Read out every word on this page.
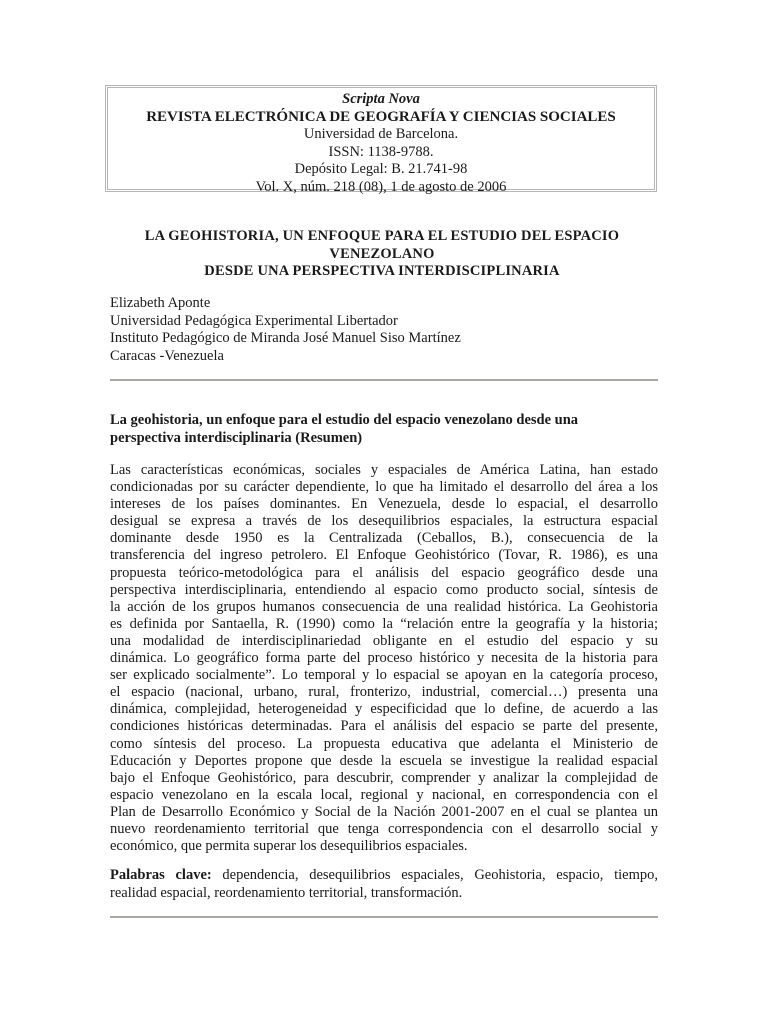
Scripta Nova
REVISTA ELECTRÓNICA DE GEOGRAFÍA Y CIENCIAS SOCIALES
Universidad de Barcelona.
ISSN: 1138-9788.
Depósito Legal: B. 21.741-98
Vol. X, núm. 218 (08), 1 de agosto de 2006
LA GEOHISTORIA, UN ENFOQUE PARA EL ESTUDIO DEL ESPACIO
VENEZOLANO
DESDE UNA PERSPECTIVA INTERDISCIPLINARIA
Elizabeth Aponte
Universidad Pedagógica Experimental Libertador
Instituto Pedagógico de Miranda José Manuel Siso Martínez
Caracas -Venezuela
La geohistoria, un enfoque para el estudio del espacio venezolano desde una
perspectiva interdisciplinaria (Resumen)
Las características económicas, sociales y espaciales de América Latina, han estado
condicionadas por su carácter dependiente, lo que ha limitado el desarrollo del área a los
intereses de los países dominantes. En Venezuela, desde lo espacial, el desarrollo
desigual se expresa a través de los desequilibrios espaciales, la estructura espacial
dominante desde 1950 es la Centralizada (Ceballos, B.), consecuencia de la
transferencia del ingreso petrolero. El Enfoque Geohistórico (Tovar, R. 1986), es una
propuesta teórico-metodológica para el análisis del espacio geográfico desde una
perspectiva interdisciplinaria, entendiendo al espacio como producto social, síntesis de
la acción de los grupos humanos consecuencia de una realidad histórica. La Geohistoria
es definida por Santaella, R. (1990) como la “relación entre la geografía y la historia;
una modalidad de interdisciplinariedad obligante en el estudio del espacio y su
dinámica. Lo geográfico forma parte del proceso histórico y necesita de la historia para
ser explicado socialmente”. Lo temporal y lo espacial se apoyan en la categoría proceso,
el espacio (nacional, urbano, rural, fronterizo, industrial, comercial…) presenta una
dinámica, complejidad, heterogeneidad y especificidad que lo define, de acuerdo a las
condiciones históricas determinadas. Para el análisis del espacio se parte del presente,
como síntesis del proceso. La propuesta educativa que adelanta el Ministerio de
Educación y Deportes propone que desde la escuela se investigue la realidad espacial
bajo el Enfoque Geohistórico, para descubrir, comprender y analizar la complejidad de
espacio venezolano en la escala local, regional y nacional, en correspondencia con el
Plan de Desarrollo Económico y Social de la Nación 2001-2007 en el cual se plantea un
nuevo reordenamiento territorial que tenga correspondencia con el desarrollo social y
económico, que permita superar los desequilibrios espaciales.
Palabras clave: dependencia, desequilibrios espaciales, Geohistoria, espacio, tiempo,
realidad espacial, reordenamiento territorial, transformación.
